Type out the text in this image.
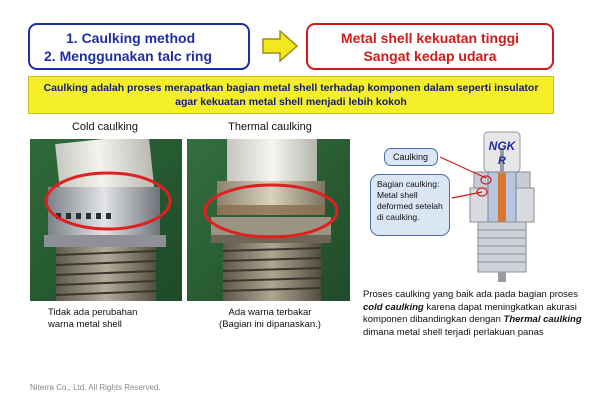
1. Caulking method
2. Menggunakan talc ring
Metal shell kekuatan tinggi
Sangat kedap udara
Caulking adalah proses merapatkan bagian metal shell terhadap komponen dalam seperti insulator agar kekuatan metal shell menjadi lebih kokoh
Cold caulking	Thermal caulking
Tidak ada perubahan
warna metal shell
Ada warna terbakar
(Bagian ini dipanaskan.)
NGK
R
Caulking
Bagian caulking:
Metal shell
deformed setelah
di caulking.
Proses caulking yang baik ada pada bagian proses cold caulking karena dapat meningkatkan akurasi komponen dibandingkan dengan Thermal caulking dimana metal shell terjadi perlakuan panas
Niterra Co., Ltd. All Rights Reserved.
